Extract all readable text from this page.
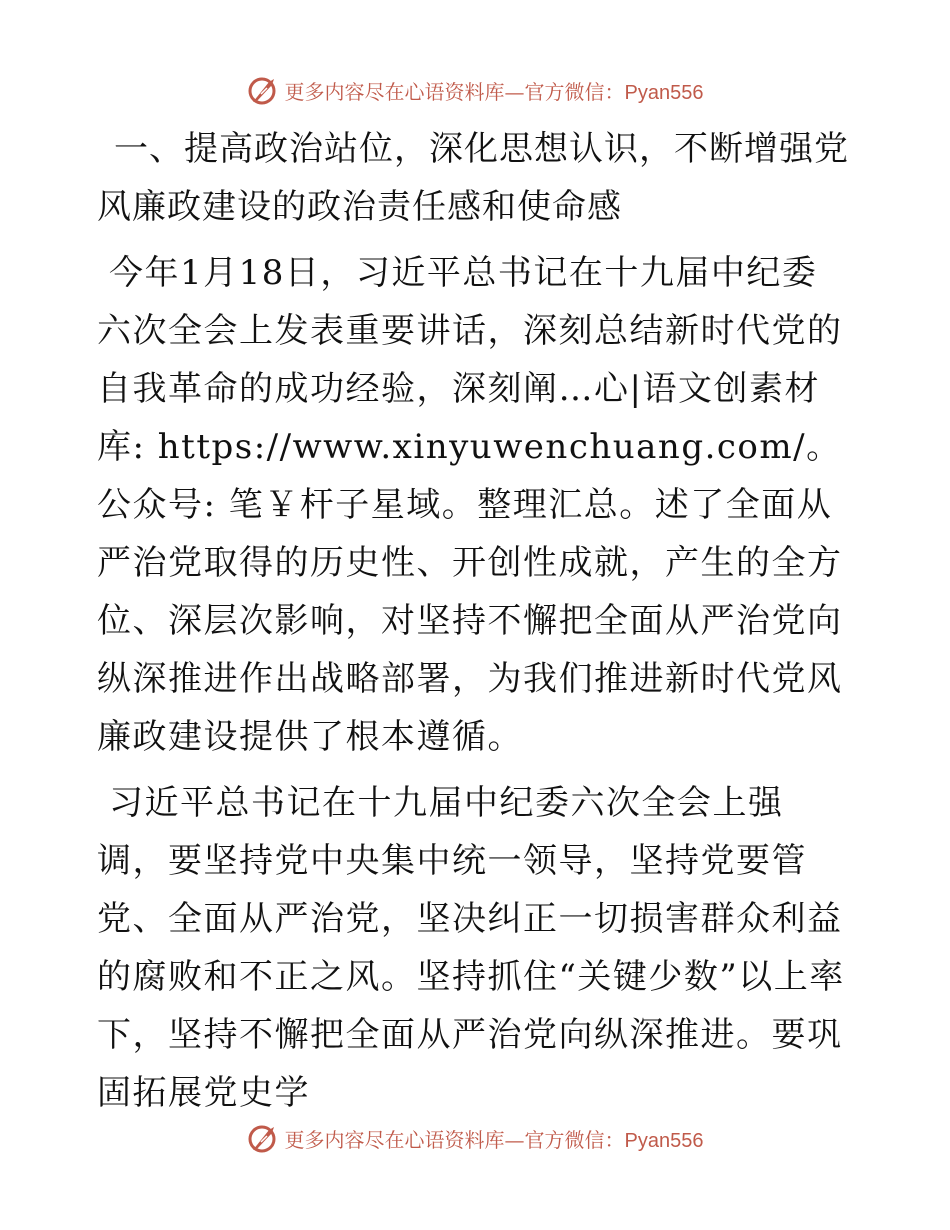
更多内容尽在心语资料库—官方微信：Pyan556

一、提高政治站位，深化思想认识，不断增强党风廉政建设的政治责任感和使命感

今年1月18日，习近平总书记在十九届中纪委六次全会上发表重要讲话，深刻总结新时代党的自我革命的成功经验，深刻阐…心|语文创素材库: https://www.xinyuwenchuang.com/。公众号: 笔￥杆子星域。整理汇总。述了全面从严治党取得的历史性、开创性成就，产生的全方位、深层次影响，对坚持不懈把全面从严治党向纵深推进作出战略部署，为我们推进新时代党风廉政建设提供了根本遵循。

习近平总书记在十九届中纪委六次全会上强调，要坚持党中央集中统一领导，坚持党要管党、全面从严治党，坚决纠正一切损害群众利益的腐败和不正之风。坚持抓住“关键少数”以上率下，坚持不懈把全面从严治党向纵深推进。要巩固拓展党史学

更多内容尽在心语资料库—官方微信：Pyan556
